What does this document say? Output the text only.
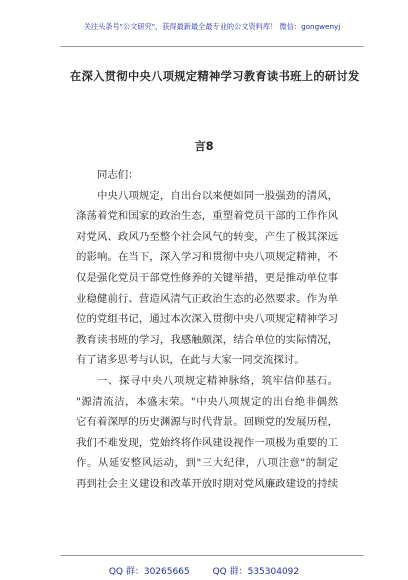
关注头条号"公文研究"，获得最新最全最专业的公文资料库！ 微信：gongwenyj
在深入贯彻中央八项规定精神学习教育读书班上的研讨发
言8

同志们：

中央八项规定，自出台以来便如同一股强劲的清风，
涤荡着党和国家的政治生态，重塑着党员干部的工作作风
对党风、政风乃至整个社会风气的转变，产生了极其深远
的影响。在当下，深入学习和贯彻中央八项规定精神，不
仅是强化党员干部党性修养的关键举措，更是推动单位事
业稳健前行、营造风清气正政治生态的必然要求。作为单
位的党组书记，通过本次深入贯彻中央八项规定精神学习
教育读书班的学习，我感触颇深，结合单位的实际情况，
有了诸多思考与认识，在此与大家一同交流探讨。

一、探寻中央八项规定精神脉络，筑牢信仰基石。
"源清流洁，本盛末荣。"中央八项规定的出台绝非偶然
它有着深厚的历史渊源与时代背景。回顾党的发展历程，
我们不难发现，党始终将作风建设视作一项极为重要的工
作。从延安整风运动，到"三大纪律，八项注意"的制定
再到社会主义建设和改革开放时期对党风廉政建设的持续

QQ 群：30265665	QQ 群：535304092
